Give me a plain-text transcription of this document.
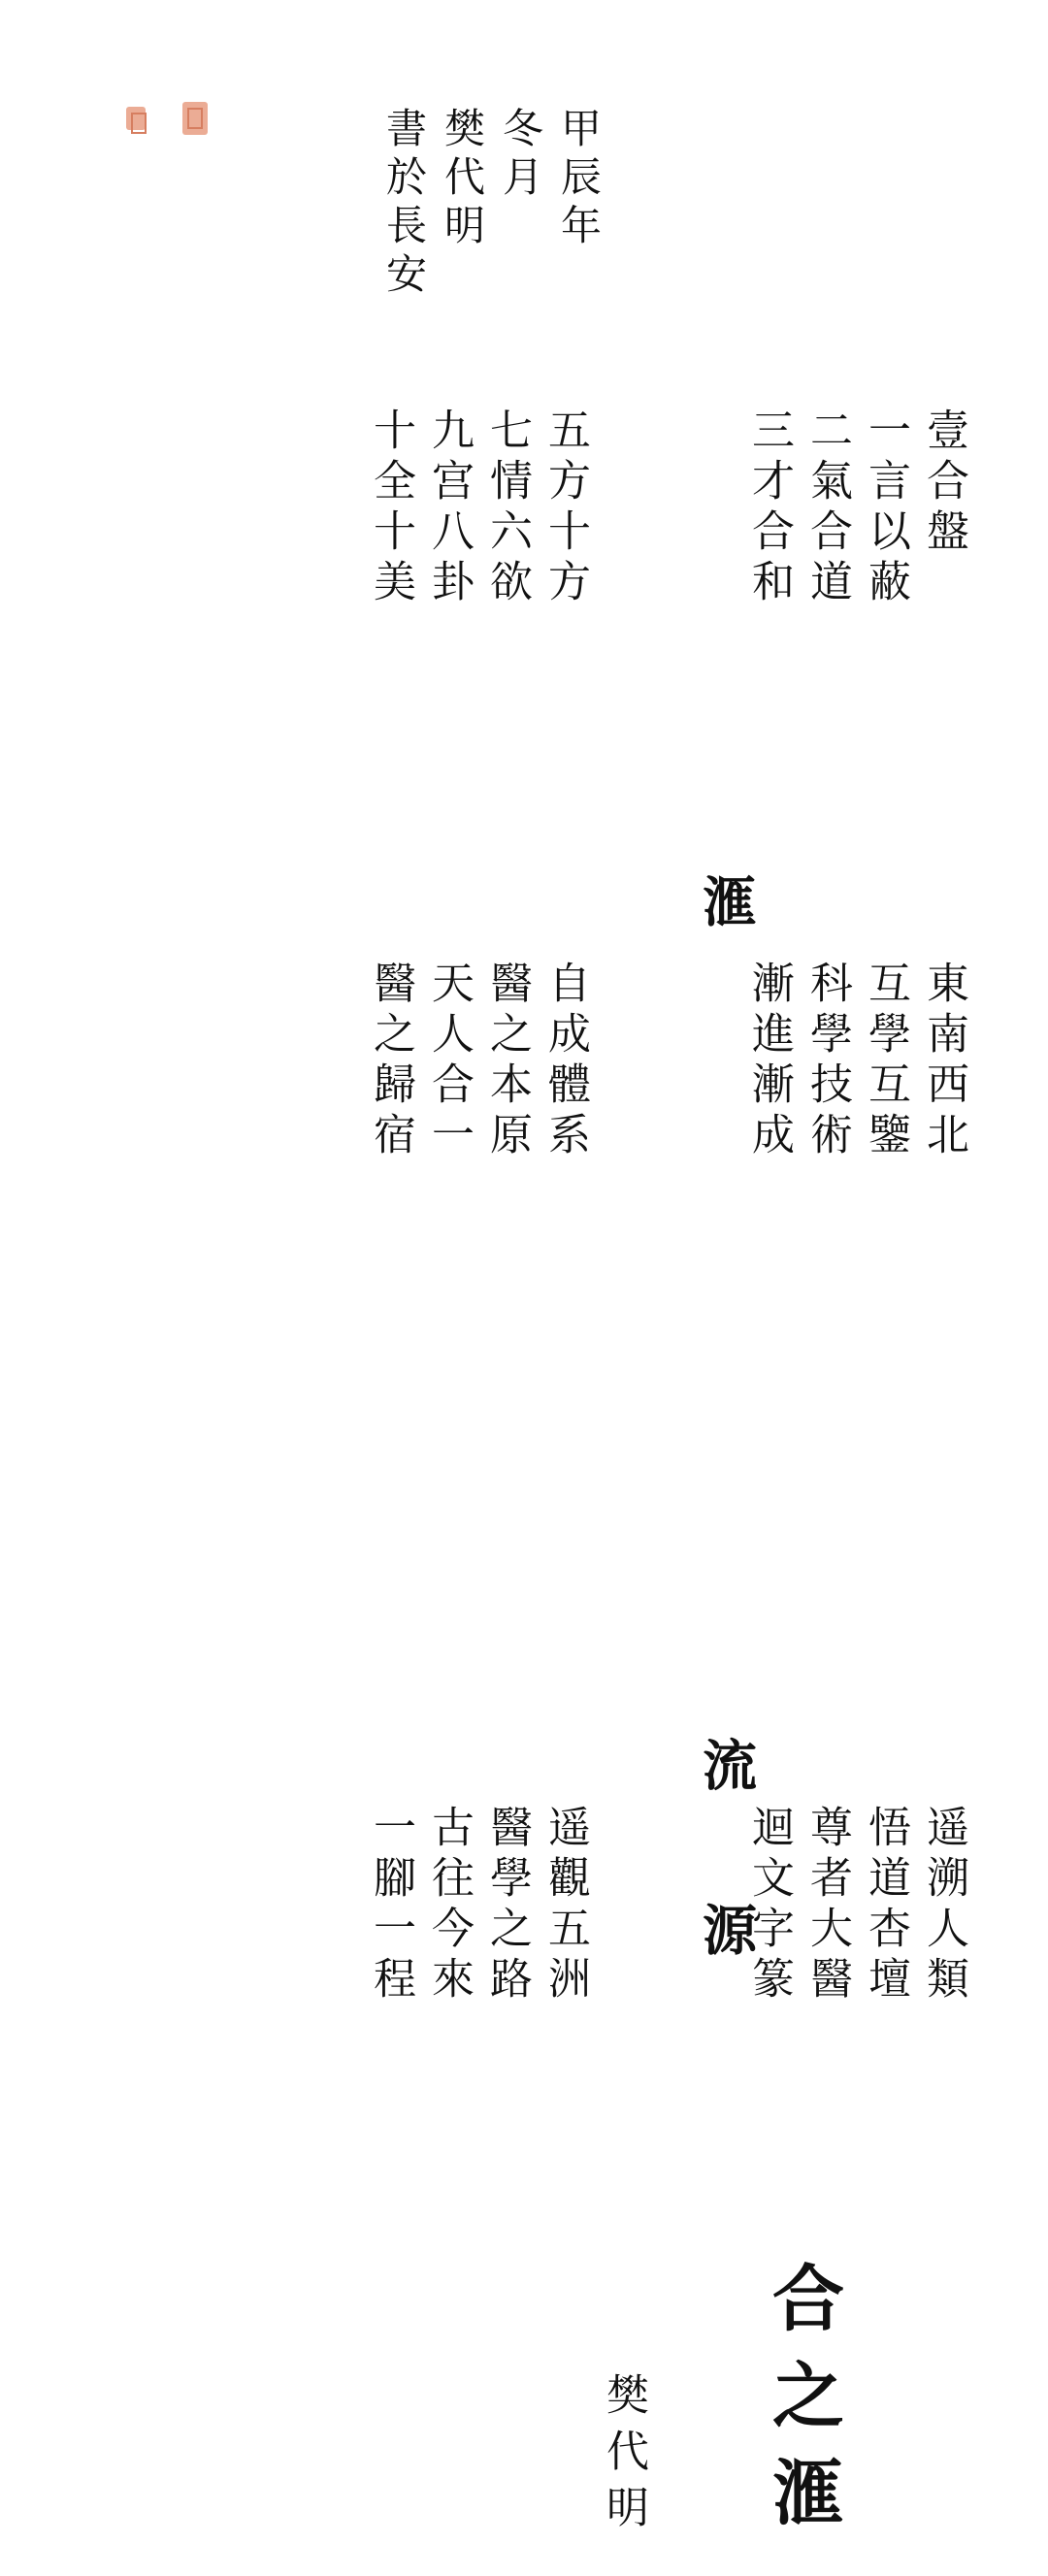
合之滙
樊代明
源	遥溯人類
悟道杏壇
尊者大醫
迴文字篆
遥觀五洲
醫學之路
古往今來
一腳一程
流
東南西北
互學互鑒
科學技術
漸進漸成
自成體系
醫之本原
天人合一
醫之歸宿
滙
壹合盤
一言以蔽
二氣合道
三才合和
五方十方
七情六欲
九宫八卦
十全十美
甲辰年
冬月
樊代明
書於長安
